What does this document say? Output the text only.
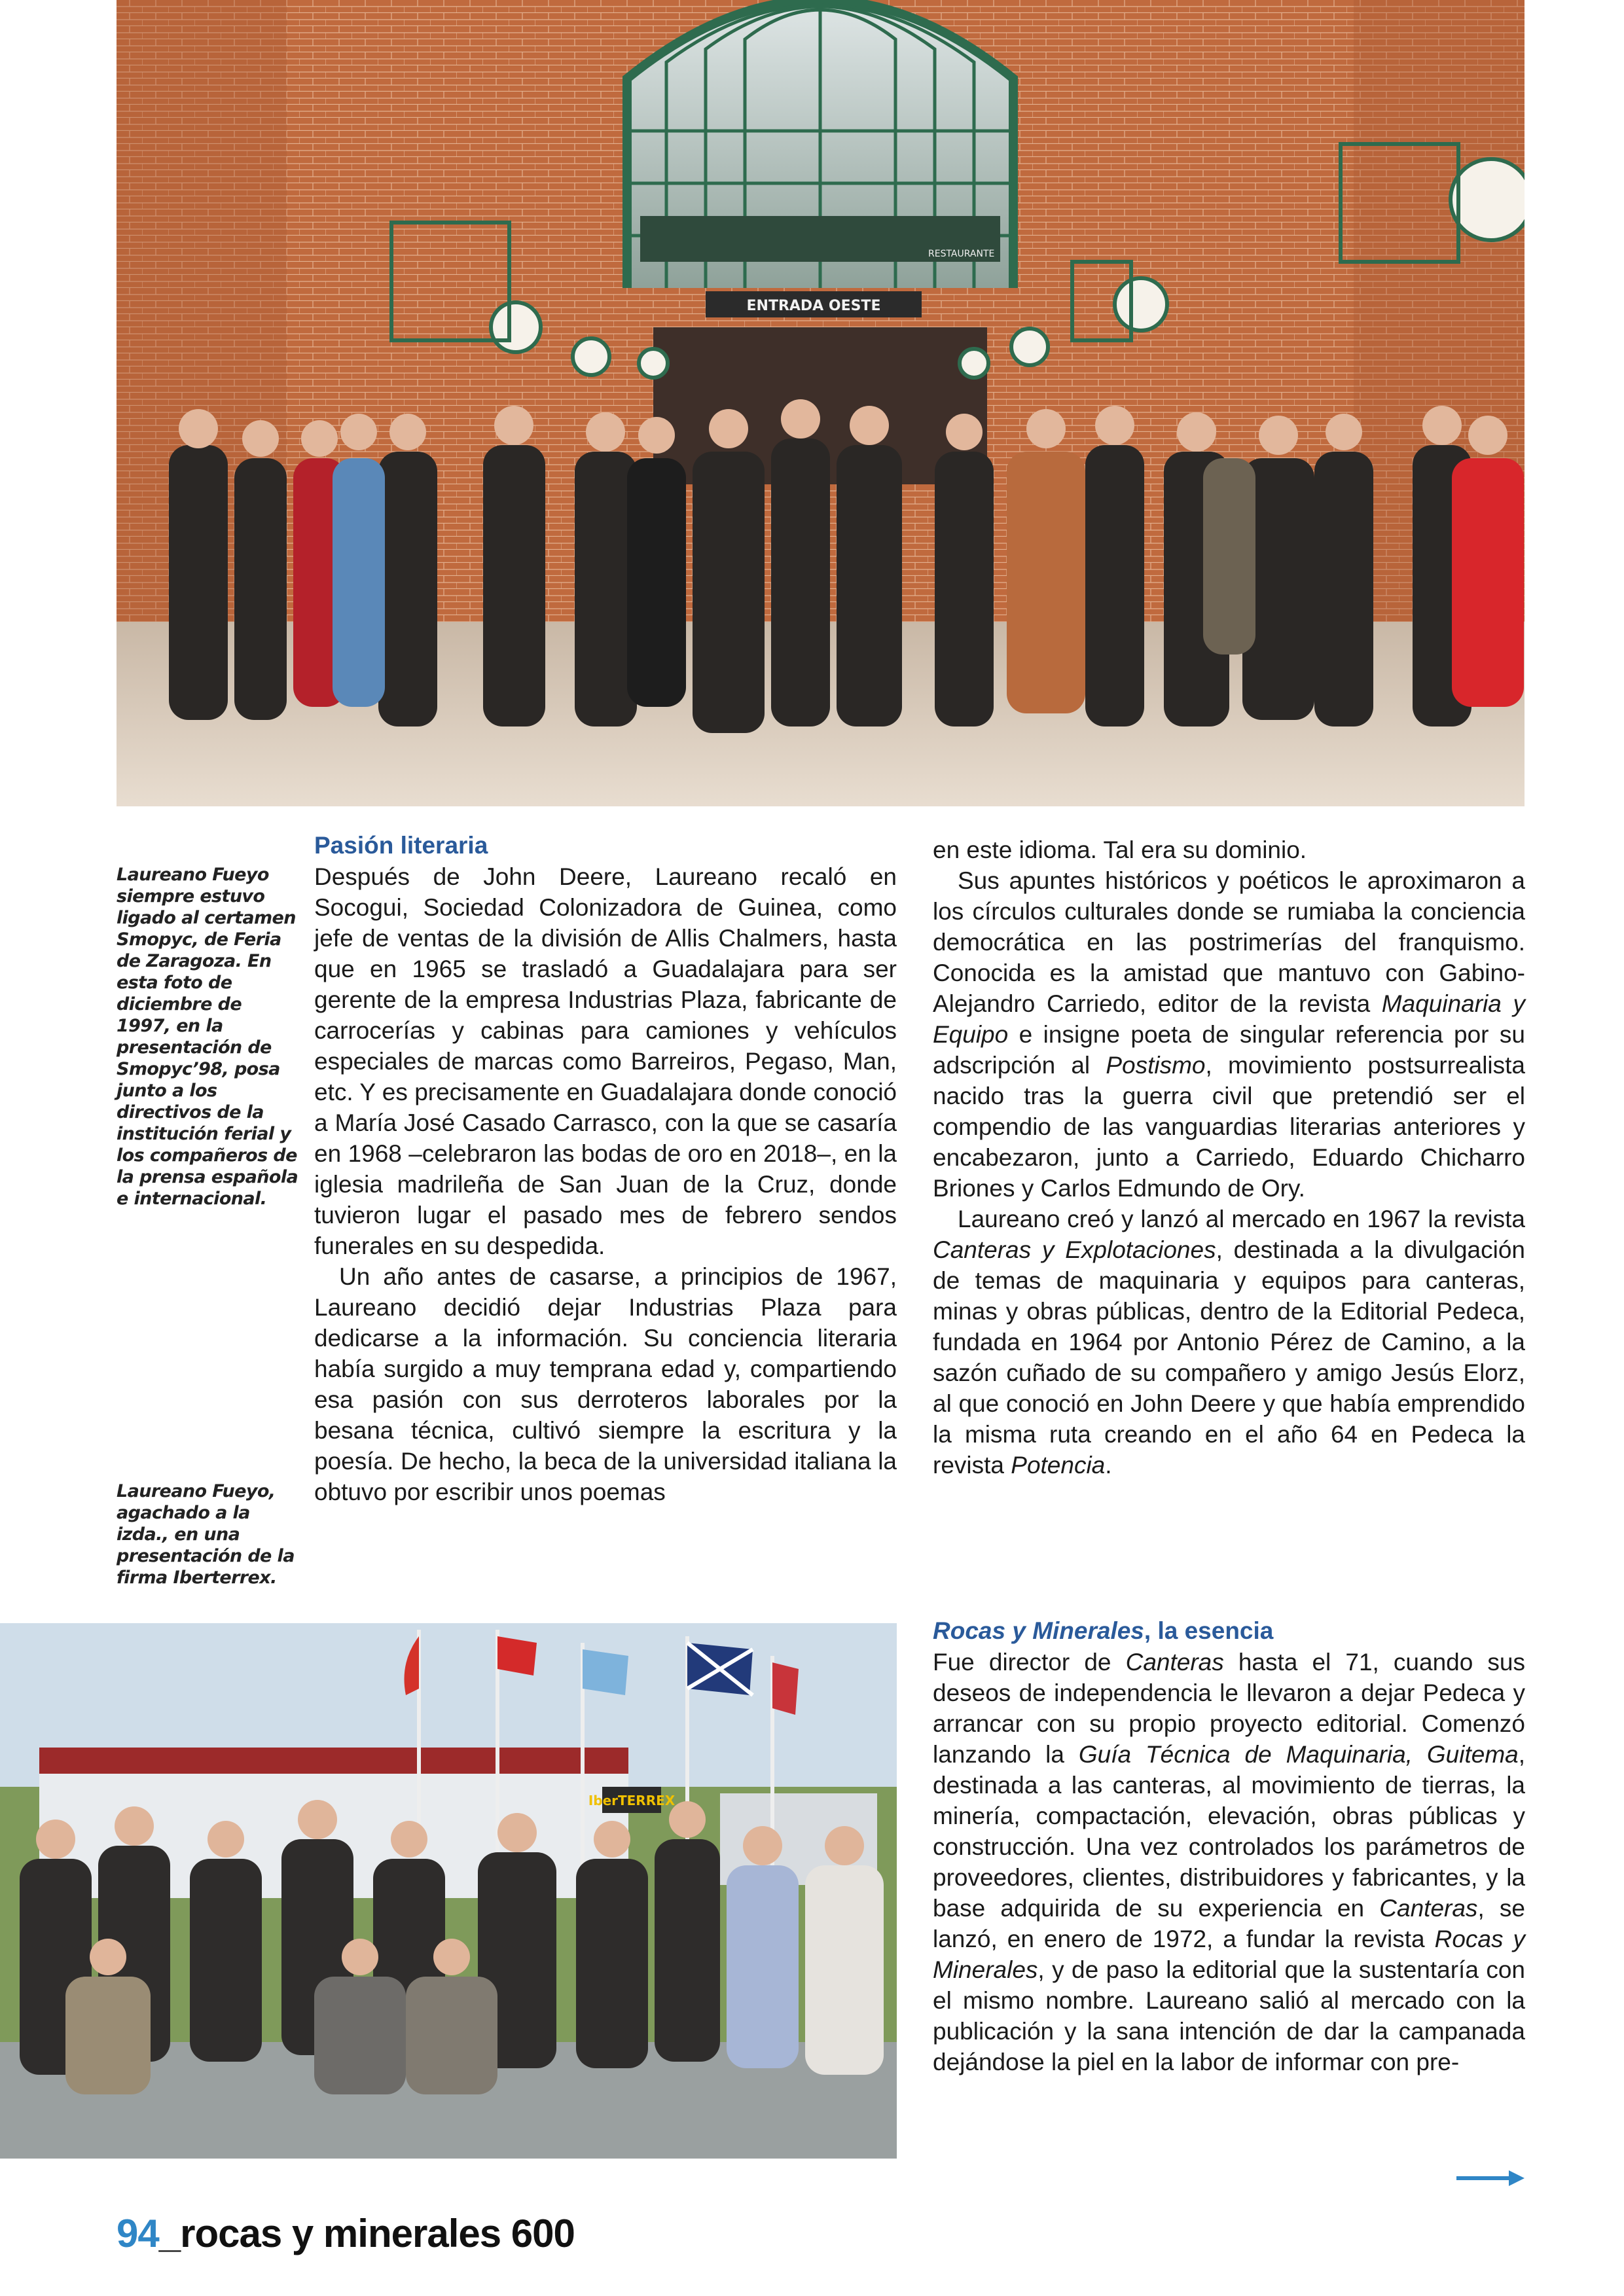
ENTRADA OESTE
RESTAURANTE
Laureano Fueyo siempre estuvo ligado al certamen Smopyc, de Feria de Zaragoza. En esta foto de diciembre de 1997, en la presentación de Smopyc’98, posa junto a los directivos de la institución ferial y los compañeros de la prensa española e internacional.
Laureano Fueyo, agachado a la izda., en una presentación de la firma Iberterrex.
Pasión literaria

Después de John Deere, Laureano recaló en Socogui, Sociedad Colonizadora de Guinea, como jefe de ventas de la división de Allis Chalmers, hasta que en 1965 se trasladó a Guadalajara para ser gerente de la empresa Industrias Plaza, fabricante de carrocerías y cabinas para camiones y vehículos especiales de marcas como Barreiros, Pegaso, Man, etc. Y es precisamente en Guadalajara donde conoció a María José Casado Carrasco, con la que se casaría en 1968 –celebraron las bodas de oro en 2018–, en la iglesia madrileña de San Juan de la Cruz, donde tuvieron lugar el pasado mes de febrero sendos funerales en su despedida.

Un año antes de casarse, a principios de 1967, Laureano decidió dejar Industrias Plaza para dedicarse a la información. Su conciencia literaria había surgido a muy temprana edad y, compartiendo esa pasión con sus derroteros laborales por la besana técnica, cultivó siempre la escritura y la poesía. De hecho, la beca de la universidad italiana la obtuvo por escribir unos poemas

en este idioma. Tal era su dominio.

Sus apuntes históricos y poéticos le aproximaron a los círculos culturales donde se rumiaba la conciencia democrática en las postrimerías del franquismo. Conocida es la amistad que mantuvo con Gabino-Alejandro Carriedo, editor de la revista Maquinaria y Equipo e insigne poeta de singular referencia por su adscripción al Postismo, movimiento postsurrealista nacido tras la guerra civil que pretendió ser el compendio de las vanguardias literarias anteriores y encabezaron, junto a Carriedo, Eduardo Chicharro Briones y Carlos Edmundo de Ory.

Laureano creó y lanzó al mercado en 1967 la revista Canteras y Explotaciones, destinada a la divulgación de temas de maquinaria y equipos para canteras, minas y obras públicas, dentro de la Editorial Pedeca, fundada en 1964 por Antonio Pérez de Camino, a la sazón cuñado de su compañero y amigo Jesús Elorz, al que conoció en John Deere y que había emprendido la misma ruta creando en el año 64 en Pedeca la revista Potencia.

IberTERREX
Rocas y Minerales, la esencia

Fue director de Canteras hasta el 71, cuando sus deseos de independencia le llevaron a dejar Pedeca y arrancar con su propio proyecto editorial. Comenzó lanzando la Guía Técnica de Maquinaria, Guitema, destinada a las canteras, al movimiento de tierras, la minería, compactación, elevación, obras públicas y construcción. Una vez controlados los parámetros de proveedores, clientes, distribuidores y fabricantes, y la base adquirida de su experiencia en Canteras, se lanzó, en enero de 1972, a fundar la revista Rocas y Minerales, y de paso la editorial que la sustentaría con el mismo nombre. Laureano salió al mercado con la publicación y la sana intención de dar la campanada dejándose la piel en la labor de informar con pre-

94_rocas y minerales 600
